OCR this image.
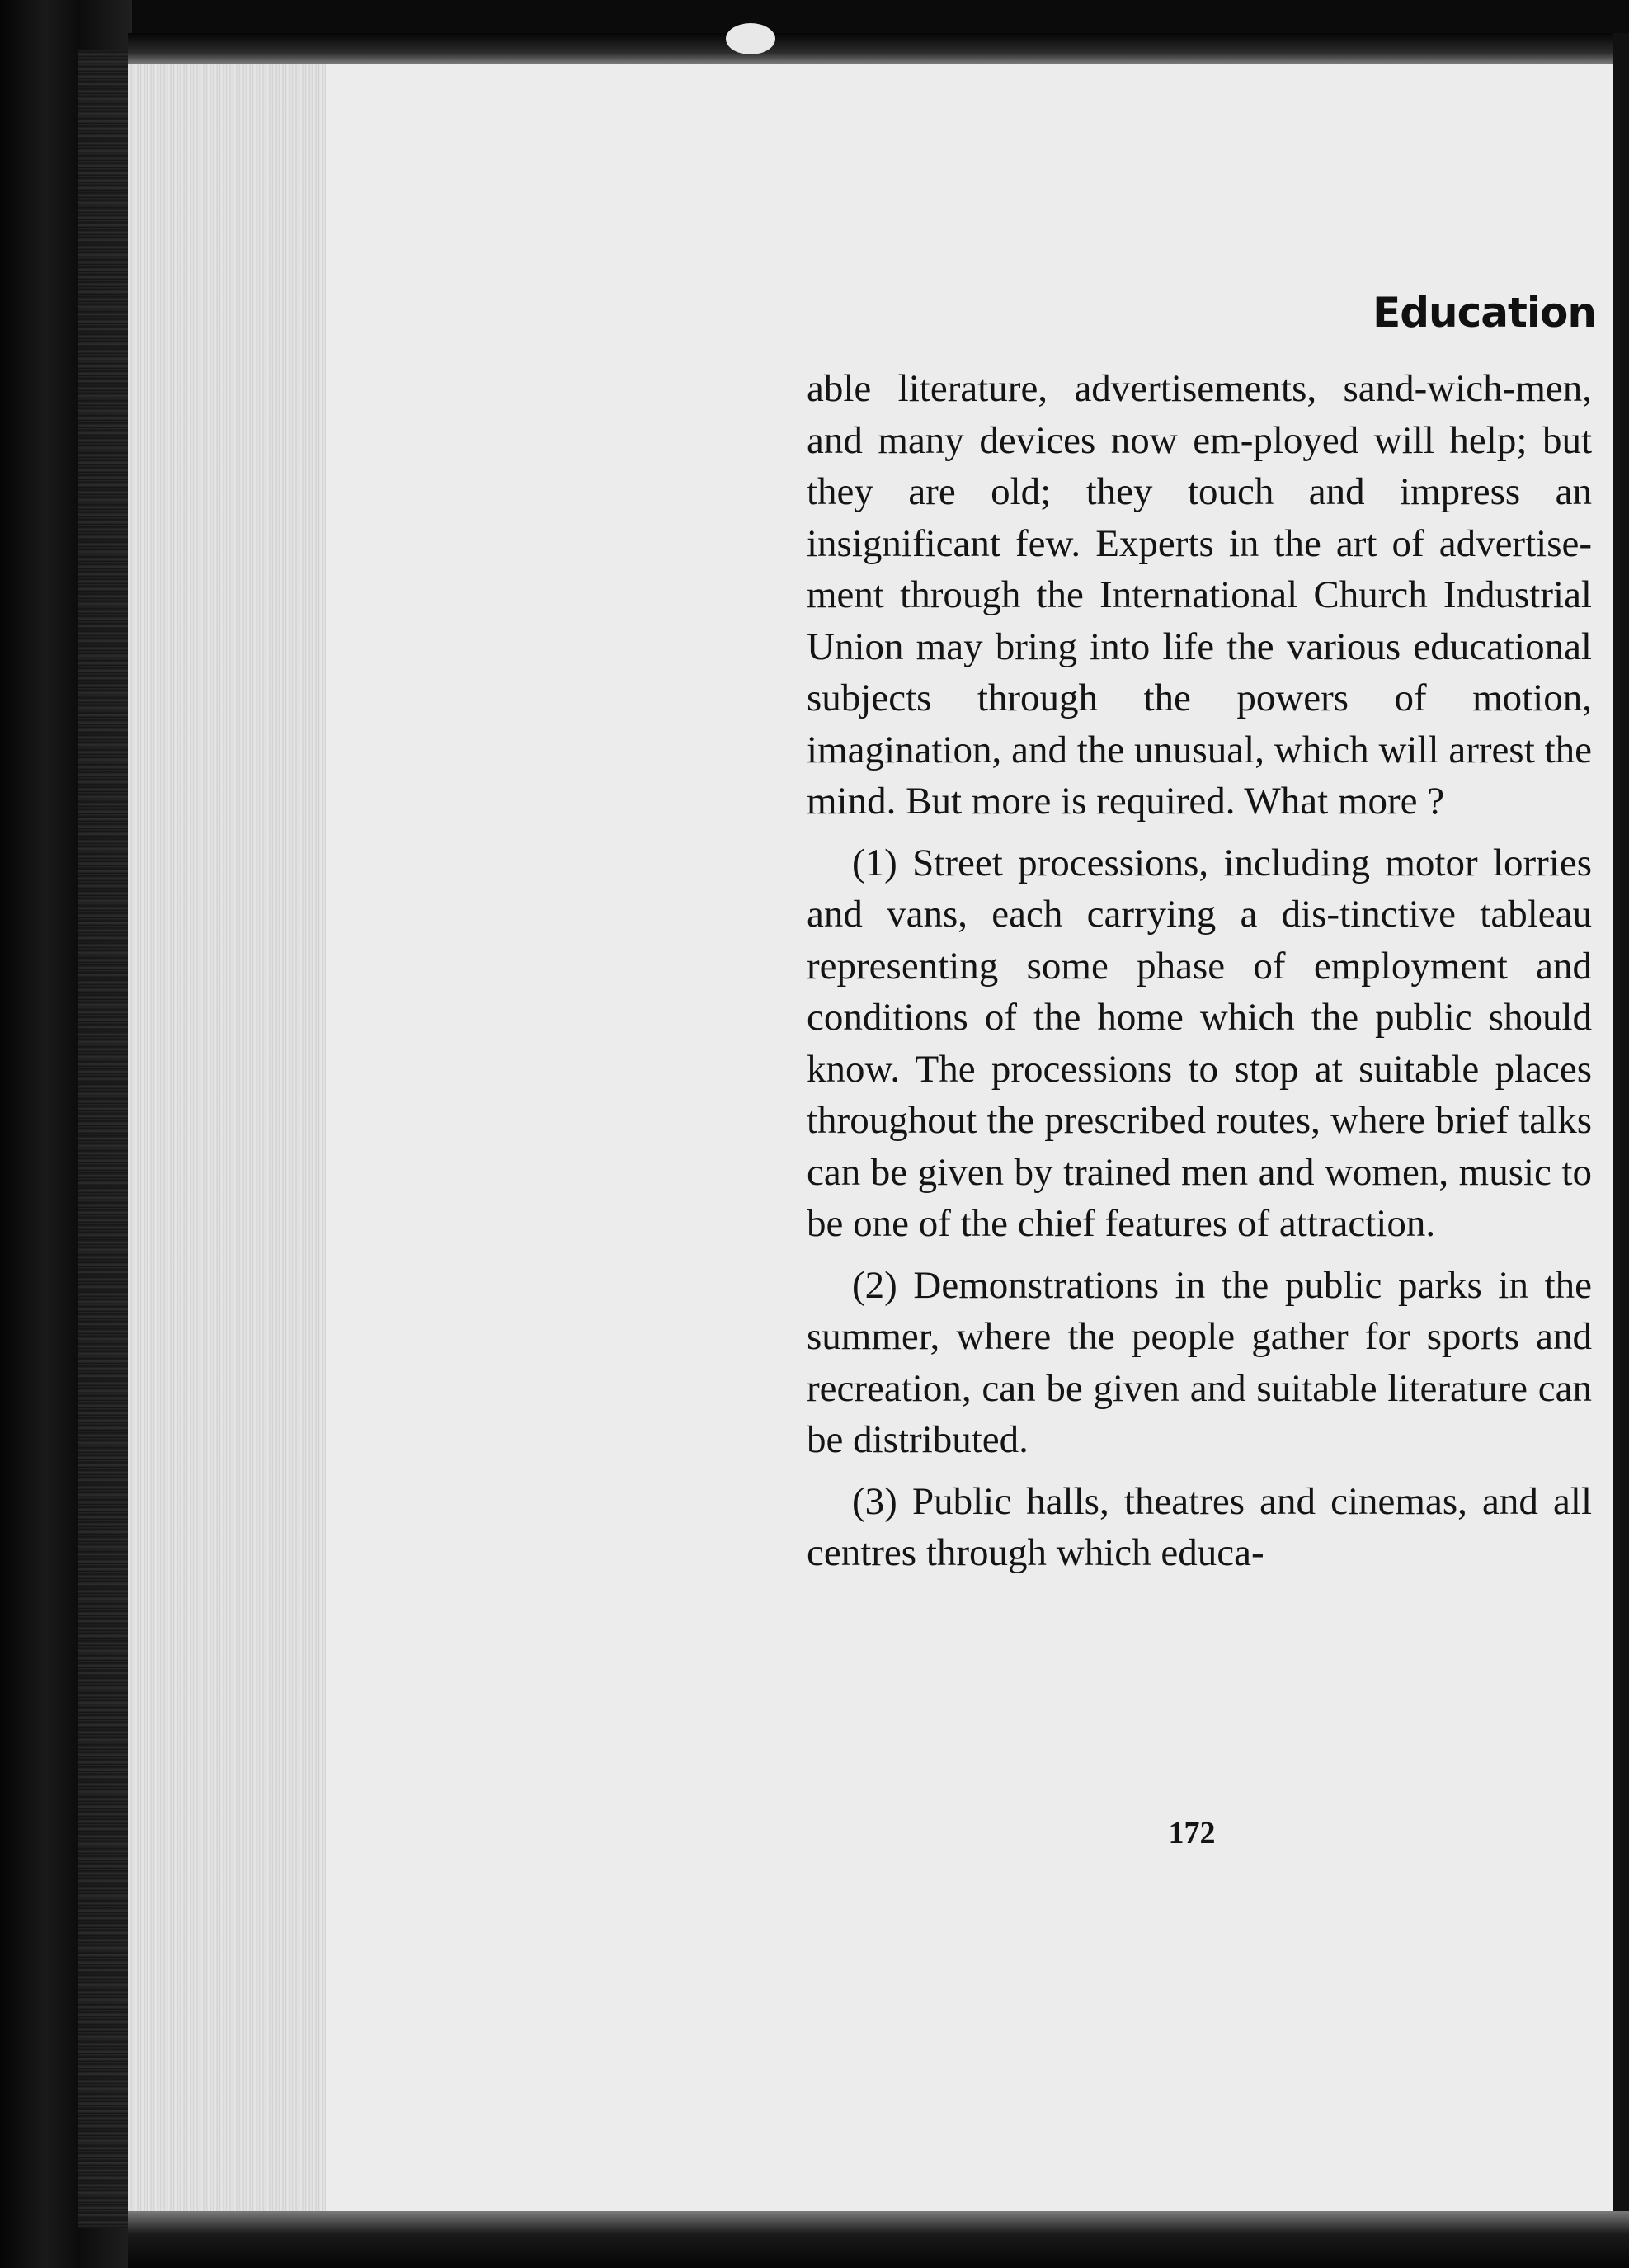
Education

able literature, advertisements, sand-wich-men, and many devices now em-ployed will help; but they are old; they touch and impress an insignificant few. Experts in the art of advertise-ment through the International Church Industrial Union may bring into life the various educational subjects through the powers of motion, imagination, and the unusual, which will arrest the mind. But more is required. What more ?

(1) Street processions, including motor lorries and vans, each carrying a dis-tinctive tableau representing some phase of employment and conditions of the home which the public should know. The processions to stop at suitable places throughout the prescribed routes, where brief talks can be given by trained men and women, music to be one of the chief features of attraction.

(2) Demonstrations in the public parks in the summer, where the people gather for sports and recreation, can be given and suitable literature can be distributed.

(3) Public halls, theatres and cinemas, and all centres through which educa-

172
